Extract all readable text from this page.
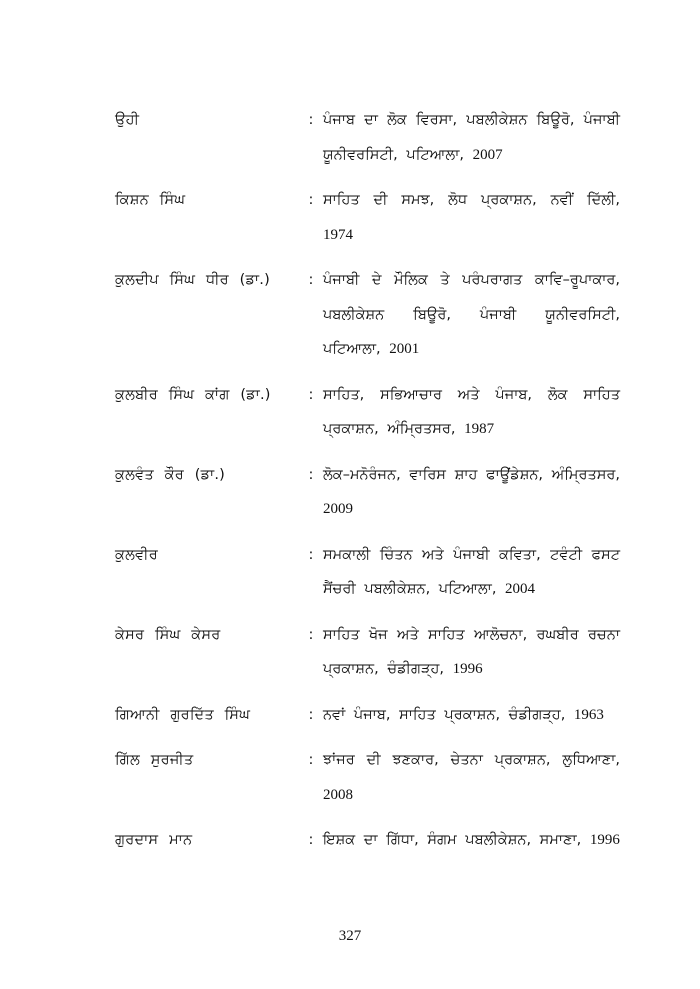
ਉਹੀ	: ਪੰਜਾਬ ਦਾ ਲੋਕ ਵਿਰਸਾ, ਪਬਲੀਕੇਸ਼ਨ ਬਿਊਰੋ, ਪੰਜਾਬੀ ਯੂਨੀਵਰਸਿਟੀ, ਪਟਿਆਲਾ, 2007
ਕਿਸ਼ਨ ਸਿੰਘ	: ਸਾਹਿਤ ਦੀ ਸਮਝ, ਲੋਧ ਪ੍ਰਕਾਸ਼ਨ, ਨਵੀਂ ਦਿੱਲੀ, 1974
ਕੁਲਦੀਪ ਸਿੰਘ ਧੀਰ (ਡਾ.)	: ਪੰਜਾਬੀ ਦੇ ਮੌਲਿਕ ਤੇ ਪਰੰਪਰਾਗਤ ਕਾਵਿ–ਰੂਪਾਕਾਰ, ਪਬਲੀਕੇਸ਼ਨ ਬਿਊਰੋ, ਪੰਜਾਬੀ ਯੂਨੀਵਰਸਿਟੀ, ਪਟਿਆਲਾ, 2001
ਕੁਲਬੀਰ ਸਿੰਘ ਕਾਂਗ (ਡਾ.)	: ਸਾਹਿਤ, ਸਭਿਆਚਾਰ ਅਤੇ ਪੰਜਾਬ, ਲੋਕ ਸਾਹਿਤ ਪ੍ਰਕਾਸ਼ਨ, ਅੰਮ੍ਰਿਤਸਰ, 1987
ਕੁਲਵੰਤ ਕੌਰ (ਡਾ.)	: ਲੋਕ–ਮਨੋਰੰਜਨ, ਵਾਰਿਸ ਸ਼ਾਹ ਫਾਊਂਡੇਸ਼ਨ, ਅੰਮ੍ਰਿਤਸਰ, 2009
ਕੁਲਵੀਰ	: ਸਮਕਾਲੀ ਚਿੰਤਨ ਅਤੇ ਪੰਜਾਬੀ ਕਵਿਤਾ, ਟਵੰਟੀ ਫਸਟ ਸੈਂਚਰੀ ਪਬਲੀਕੇਸ਼ਨ, ਪਟਿਆਲਾ, 2004
ਕੇਸਰ ਸਿੰਘ ਕੇਸਰ	: ਸਾਹਿਤ ਖੋਜ ਅਤੇ ਸਾਹਿਤ ਆਲੋਚਨਾ, ਰਘਬੀਰ ਰਚਨਾ ਪ੍ਰਕਾਸ਼ਨ, ਚੰਡੀਗੜ੍ਹ, 1996
ਗਿਆਨੀ ਗੁਰਦਿੱਤ ਸਿੰਘ	: ਨਵਾਂ ਪੰਜਾਬ, ਸਾਹਿਤ ਪ੍ਰਕਾਸ਼ਨ, ਚੰਡੀਗੜ੍ਹ, 1963
ਗਿੱਲ ਸੁਰਜੀਤ	: ਝਾਂਜਰ ਦੀ ਝਣਕਾਰ, ਚੇਤਨਾ ਪ੍ਰਕਾਸ਼ਨ, ਲੁਧਿਆਣਾ, 2008
ਗੁਰਦਾਸ ਮਾਨ	: ਇਸ਼ਕ ਦਾ ਗਿੱਧਾ, ਸੰਗਮ ਪਬਲੀਕੇਸ਼ਨ, ਸਮਾਣਾ, 1996
327
